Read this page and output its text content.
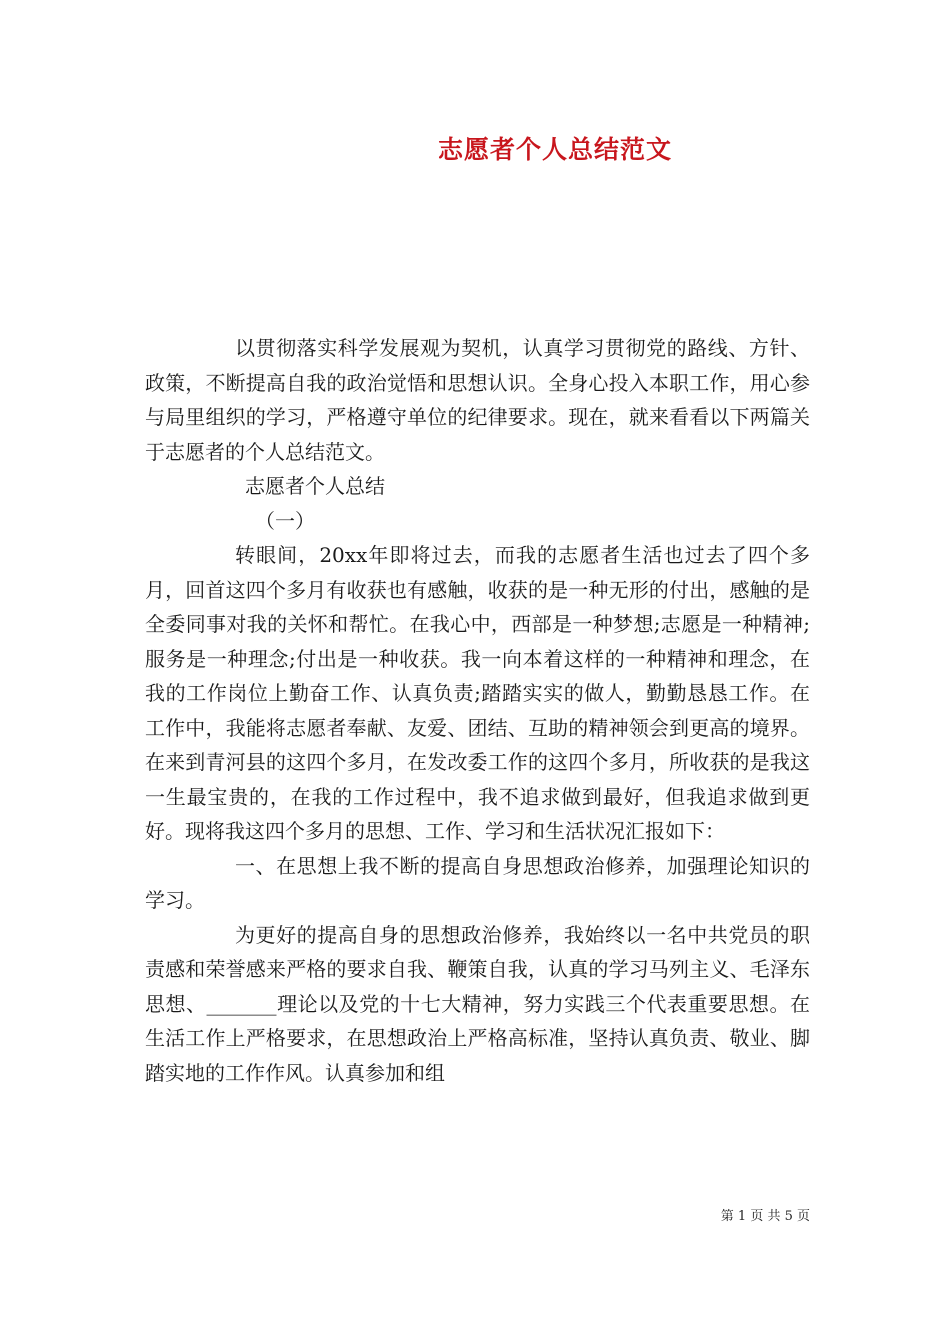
志愿者个人总结范文

以贯彻落实科学发展观为契机，认真学习贯彻党的路线、方针、政策，不断提高自我的政治觉悟和思想认识。全身心投入本职工作，用心参与局里组织的学习，严格遵守单位的纪律要求。现在，就来看看以下两篇关于志愿者的个人总结范文。

志愿者个人总结

（一）

转眼间，20xx年即将过去，而我的志愿者生活也过去了四个多月，回首这四个多月有收获也有感触，收获的是一种无形的付出，感触的是全委同事对我的关怀和帮忙。在我心中，西部是一种梦想;志愿是一种精神;服务是一种理念;付出是一种收获。我一向本着这样的一种精神和理念，在我的工作岗位上勤奋工作、认真负责;踏踏实实的做人，勤勤恳恳工作。在工作中，我能将志愿者奉献、友爱、团结、互助的精神领会到更高的境界。在来到青河县的这四个多月，在发改委工作的这四个多月，所收获的是我这一生最宝贵的，在我的工作过程中，我不追求做到最好，但我追求做到更好。现将我这四个多月的思想、工作、学习和生活状况汇报如下：

一、在思想上我不断的提高自身思想政治修养，加强理论知识的学习。

为更好的提高自身的思想政治修养，我始终以一名中共党员的职责感和荣誉感来严格的要求自我、鞭策自我，认真的学习马列主义、毛泽东思想、_______理论以及党的十七大精神，努力实践三个代表重要思想。在生活工作上严格要求，在思想政治上严格高标准，坚持认真负责、敬业、脚踏实地的工作作风。认真参加和组

第 1 页 共 5 页
